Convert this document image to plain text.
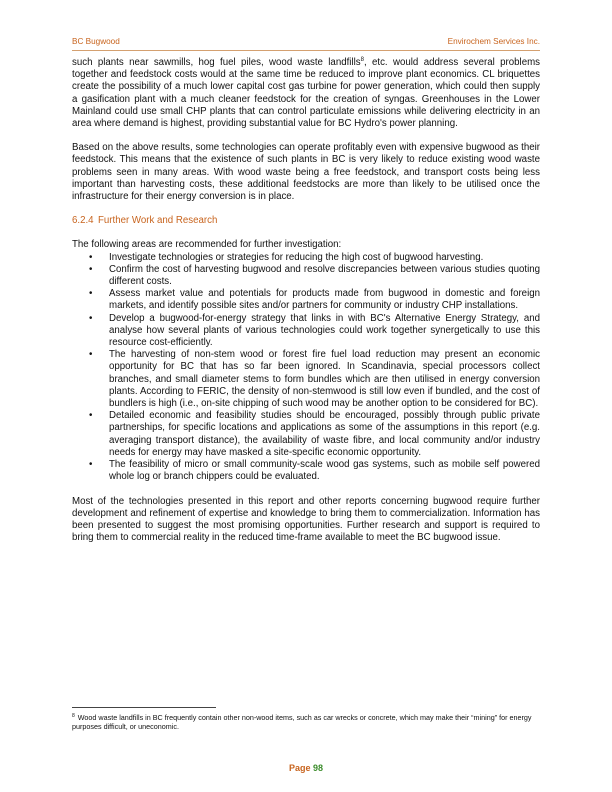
BC Bugwood	Envirochem Services Inc.

such plants near sawmills, hog fuel piles, wood waste landfills$^8$, etc. would address several problems together and feedstock costs would at the same time be reduced to improve plant economics. CL briquettes create the possibility of a much lower capital cost gas turbine for power generation, which could then supply a gasification plant with a much cleaner feedstock for the creation of syngas. Greenhouses in the Lower Mainland could use small CHP plants that can control particulate emissions while delivering electricity in an area where demand is highest, providing substantial value for BC Hydro's power planning.

Based on the above results, some technologies can operate profitably even with expensive bugwood as their feedstock. This means that the existence of such plants in BC is very likely to reduce existing wood waste problems seen in many areas. With wood waste being a free feedstock, and transport costs being less important than harvesting costs, these additional feedstocks are more than likely to be utilised once the infrastructure for their energy conversion is in place.

6.2.4 Further Work and Research

The following areas are recommended for further investigation:

• Investigate technologies or strategies for reducing the high cost of bugwood harvesting.
• Confirm the cost of harvesting bugwood and resolve discrepancies between various studies quoting different costs.
• Assess market value and potentials for products made from bugwood in domestic and foreign markets, and identify possible sites and/or partners for community or industry CHP installations.
• Develop a bugwood-for-energy strategy that links in with BC's Alternative Energy Strategy, and analyse how several plants of various technologies could work together synergetically to use this resource cost-efficiently.
• The harvesting of non-stem wood or forest fire fuel load reduction may present an economic opportunity for BC that has so far been ignored. In Scandinavia, special processors collect branches, and small diameter stems to form bundles which are then utilised in energy conversion plants. According to FERIC, the density of non-stemwood is still low even if bundled, and the cost of bundlers is high (i.e., on-site chipping of such wood may be another option to be considered for BC).
• Detailed economic and feasibility studies should be encouraged, possibly through public private partnerships, for specific locations and applications as some of the assumptions in this report (e.g. averaging transport distance), the availability of waste fibre, and local community and/or industry needs for energy may have masked a site-specific economic opportunity.
• The feasibility of micro or small community-scale wood gas systems, such as mobile self powered whole log or branch chippers could be evaluated.

Most of the technologies presented in this report and other reports concerning bugwood require further development and refinement of expertise and knowledge to bring them to commercialization. Information has been presented to suggest the most promising opportunities. Further research and support is required to bring them to commercial reality in the reduced time-frame available to meet the BC bugwood issue.

$^8$ Wood waste landfills in BC frequently contain other non-wood items, such as car wrecks or concrete, which may make their “mining” for energy purposes difficult, or uneconomic.
Page 98
